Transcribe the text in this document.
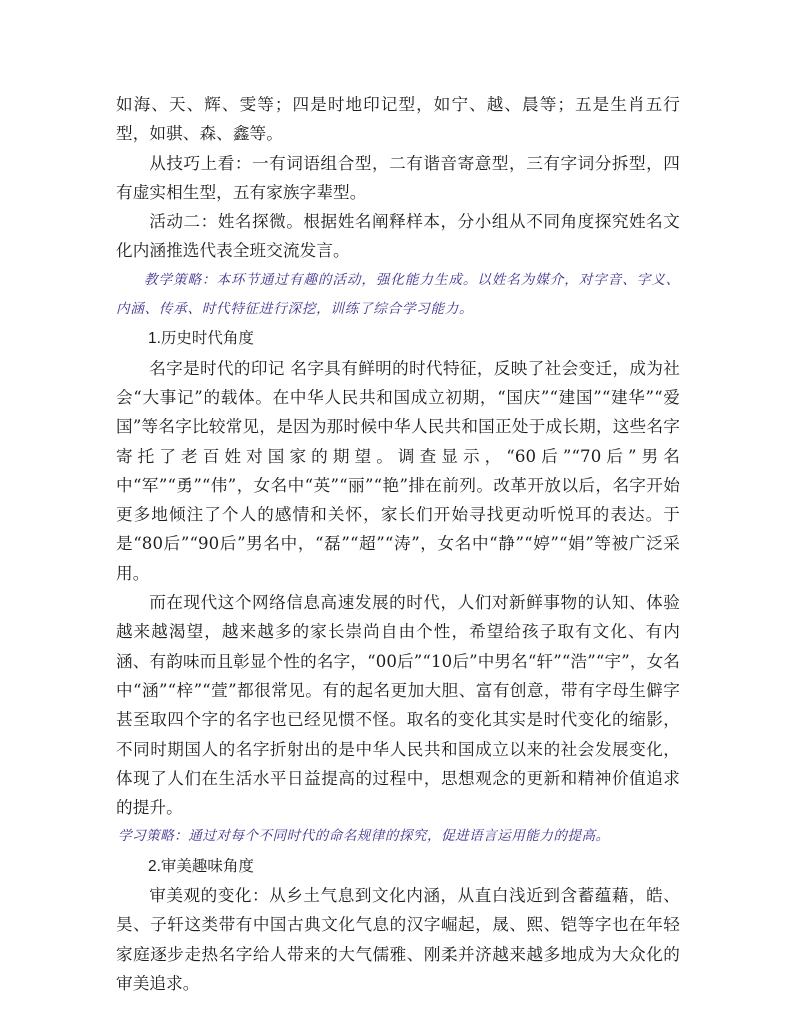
如海、天、辉、雯等；四是时地印记型，如宁、越、晨等；五是生肖五行型，如骐、森、鑫等。

从技巧上看：一有词语组合型，二有谐音寄意型，三有字词分拆型，四有虚实相生型，五有家族字辈型。

活动二：姓名探微。根据姓名阐释样本，分小组从不同角度探究姓名文化内涵推选代表全班交流发言。

教学策略：本环节通过有趣的活动，强化能力生成。以姓名为媒介，对字音、字义、内涵、传承、时代特征进行深挖，训练了综合学习能力。

1.历史时代角度

名字是时代的印记 名字具有鲜明的时代特征，反映了社会变迁，成为社会“大事记”的载体。在中华人民共和国成立初期，“国庆”“建国”“建华”“爱国”等名字比较常见，是因为那时候中华人民共和国正处于成长期，这些名字寄托了老百姓对国家的期望。调查显示，“60后”“70后”男名中“军”“勇”“伟”，女名中“英”“丽”“艳”排在前列。改革开放以后，名字开始更多地倾注了个人的感情和关怀，家长们开始寻找更动听悦耳的表达。于是“80后”“90后”男名中，“磊”“超”“涛”，女名中“静”“婷”“娟”等被广泛采用。

而在现代这个网络信息高速发展的时代，人们对新鲜事物的认知、体验越来越渴望，越来越多的家长崇尚自由个性，希望给孩子取有文化、有内涵、有韵味而且彰显个性的名字，“00后”“10后”中男名“轩”“浩”“宇”，女名中“涵”“梓”“萱”都很常见。有的起名更加大胆、富有创意，带有字母生僻字甚至取四个字的名字也已经见惯不怪。取名的变化其实是时代变化的缩影，不同时期国人的名字折射出的是中华人民共和国成立以来的社会发展变化，体现了人们在生活水平日益提高的过程中，思想观念的更新和精神价值追求的提升。

学习策略：通过对每个不同时代的命名规律的探究，促进语言运用能力的提高。

2.审美趣味角度

审美观的变化：从乡土气息到文化内涵，从直白浅近到含蓄蕴藉，皓、昊、子轩这类带有中国古典文化气息的汉字崛起，晟、熙、铠等字也在年轻家庭逐步走热名字给人带来的大气儒雅、刚柔并济越来越多地成为大众化的审美追求。
